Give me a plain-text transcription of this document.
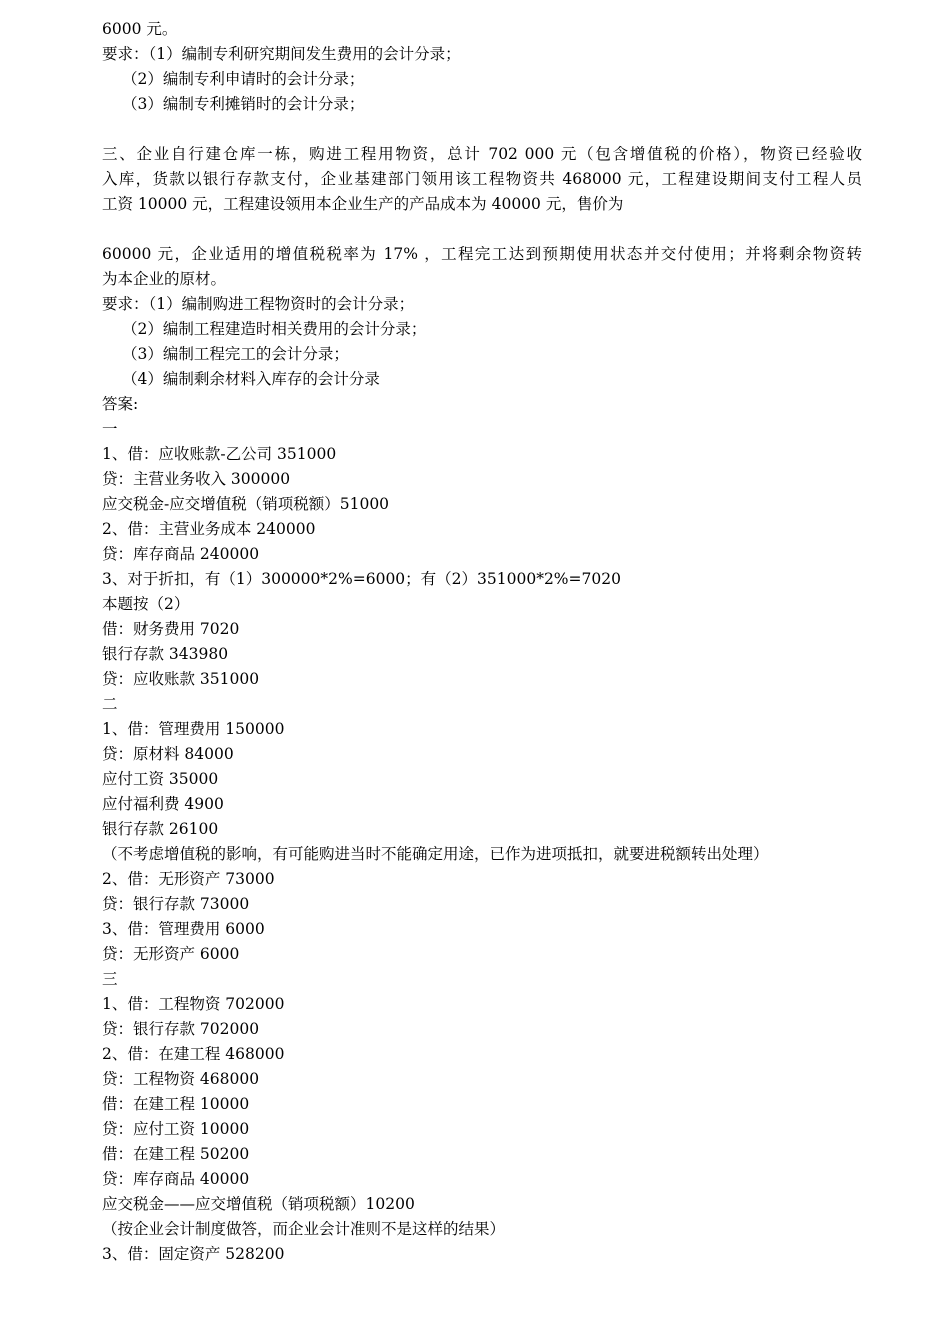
6000 元。
要求：（1）编制专利研究期间发生费用的会计分录；
（2）编制专利申请时的会计分录；
（3）编制专利摊销时的会计分录；
三、企业自行建仓库一栋，购进工程用物资，总计 702 000 元（包含增值税的价格），物资已经验收
入库，货款以银行存款支付，企业基建部门领用该工程物资共 468000 元，工程建设期间支付工程人员
工资 10000 元，工程建设领用本企业生产的产品成本为 40000 元，售价为
60000 元，企业适用的增值税税率为 17% ，工程完工达到预期使用状态并交付使用；并将剩余物资转
为本企业的原材。
要求：（1）编制购进工程物资时的会计分录；
（2）编制工程建造时相关费用的会计分录；
（3）编制工程完工的会计分录；
（4）编制剩余材料入库存的会计分录
答案:
一
1、借：应收账款-乙公司 351000
贷：主营业务收入 300000
应交税金-应交增值税（销项税额）51000
2、借：主营业务成本 240000
贷：库存商品 240000
3、对于折扣，有（1）300000*2%=6000；有（2）351000*2%=7020
本题按（2）
借：财务费用 7020
银行存款 343980
贷：应收账款 351000
二
1、借：管理费用 150000
贷：原材料 84000
应付工资 35000
应付福利费 4900
银行存款 26100
（不考虑增值税的影响，有可能购进当时不能确定用途，已作为进项抵扣，就要进税额转出处理）
2、借：无形资产 73000
贷：银行存款 73000
3、借：管理费用 6000
贷：无形资产 6000
三
1、借：工程物资 702000
贷：银行存款 702000
2、借：在建工程 468000
贷：工程物资 468000
借：在建工程 10000
贷：应付工资 10000
借：在建工程 50200
贷：库存商品 40000
应交税金——应交增值税（销项税额）10200
（按企业会计制度做答，而企业会计准则不是这样的结果）
3、借：固定资产 528200
